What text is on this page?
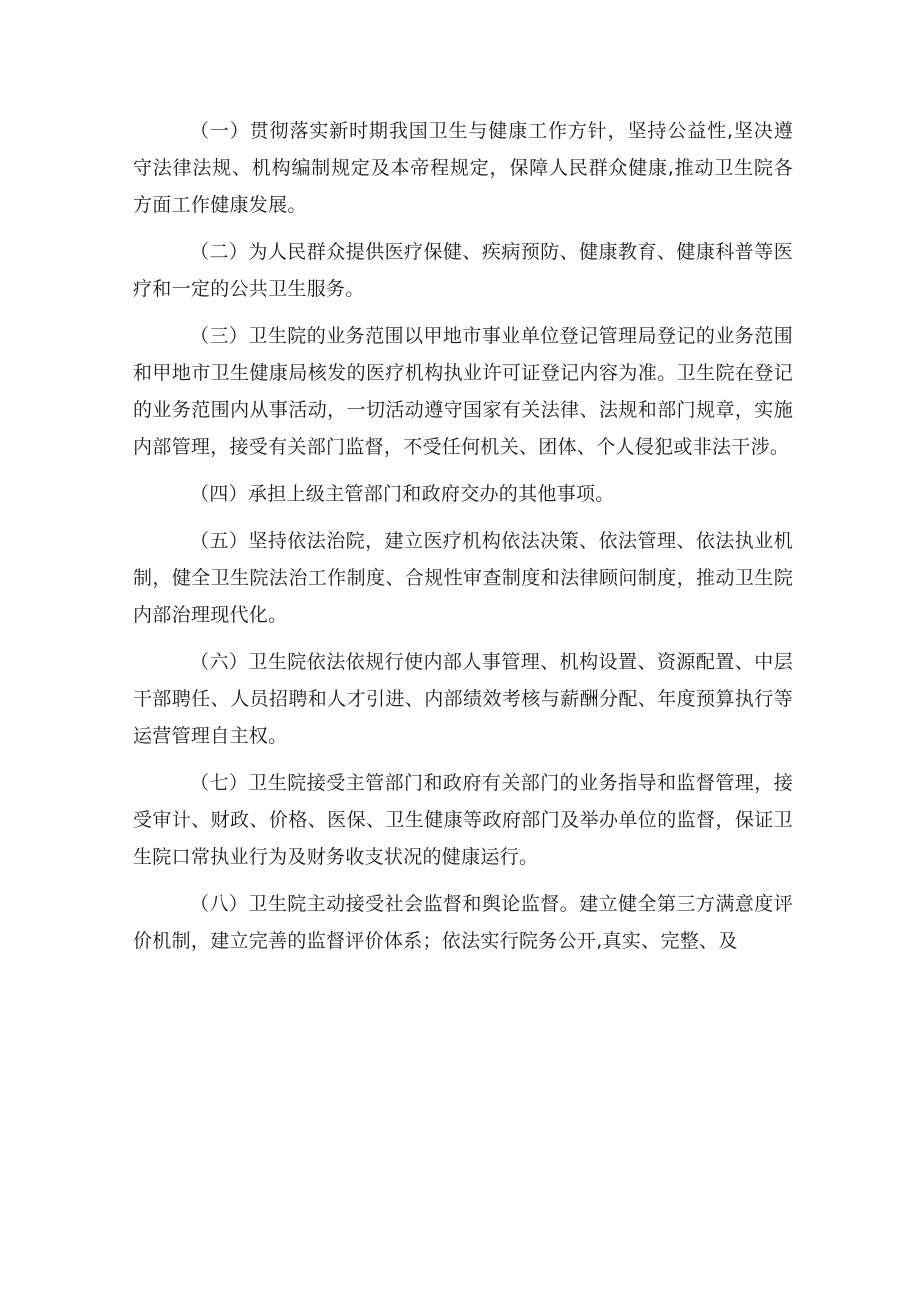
（一）贯彻落实新时期我国卫生与健康工作方针，坚持公益性,坚决遵守法律法规、机构编制规定及本帝程规定，保障人民群众健康,推动卫生院各方面工作健康发展。

（二）为人民群众提供医疗保健、疾病预防、健康教育、健康科普等医疗和一定的公共卫生服务。

（三）卫生院的业务范围以甲地市事业单位登记管理局登记的业务范围和甲地市卫生健康局核发的医疗机构执业许可证登记内容为准。卫生院在登记的业务范围内从事活动，一切活动遵守国家有关法律、法规和部门规章，实施内部管理，接受有关部门监督，不受任何机关、团体、个人侵犯或非法干涉。

（四）承担上级主管部门和政府交办的其他事项。

（五）坚持依法治院，建立医疗机构依法决策、依法管理、依法执业机制，健全卫生院法治工作制度、合规性审查制度和法律顾问制度，推动卫生院内部治理现代化。

（六）卫生院依法依规行使内部人事管理、机构设置、资源配置、中层干部聘任、人员招聘和人才引进、内部绩效考核与薪酬分配、年度预算执行等运营管理自主权。

（七）卫生院接受主管部门和政府有关部门的业务指导和监督管理，接受审计、财政、价格、医保、卫生健康等政府部门及举办单位的监督，保证卫生院口常执业行为及财务收支状况的健康运行。

（八）卫生院主动接受社会监督和舆论监督。建立健全第三方满意度评价机制，建立完善的监督评价体系；依法实行院务公开,真实、完整、及
